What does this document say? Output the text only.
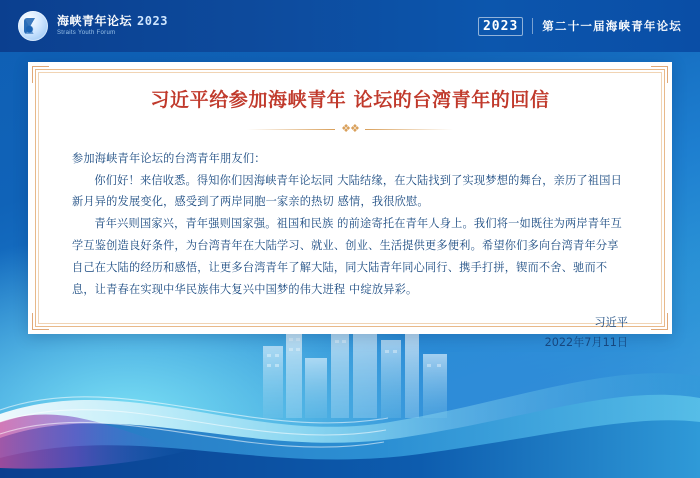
海峡青年论坛 2023
Straits Youth Forum	2023	第二十一届海峡青年论坛
习近平给参加海峡青年 论坛的台湾青年的回信
❖❖

参加海峡青年论坛的台湾青年朋友们：

你们好！来信收悉。得知你们因海峡青年论坛同 大陆结缘，在大陆找到了实现梦想的舞台，亲历了祖国日新月异的发展变化，感受到了两岸同胞一家亲的热切 感情，我很欣慰。

青年兴则国家兴，青年强则国家强。祖国和民族 的前途寄托在青年人身上。我们将一如既往为两岸青年互学互鉴创造良好条件，为台湾青年在大陆学习、就业、创业、生活提供更多便利。希望你们多向台湾青年分享自己在大陆的经历和感悟，让更多台湾青年了解大陆，同大陆青年同心同行、携手打拼，锲而不舍、驰而不息，让青春在实现中华民族伟大复兴中国梦的伟大进程 中绽放异彩。

习近平
2022年7月11日
